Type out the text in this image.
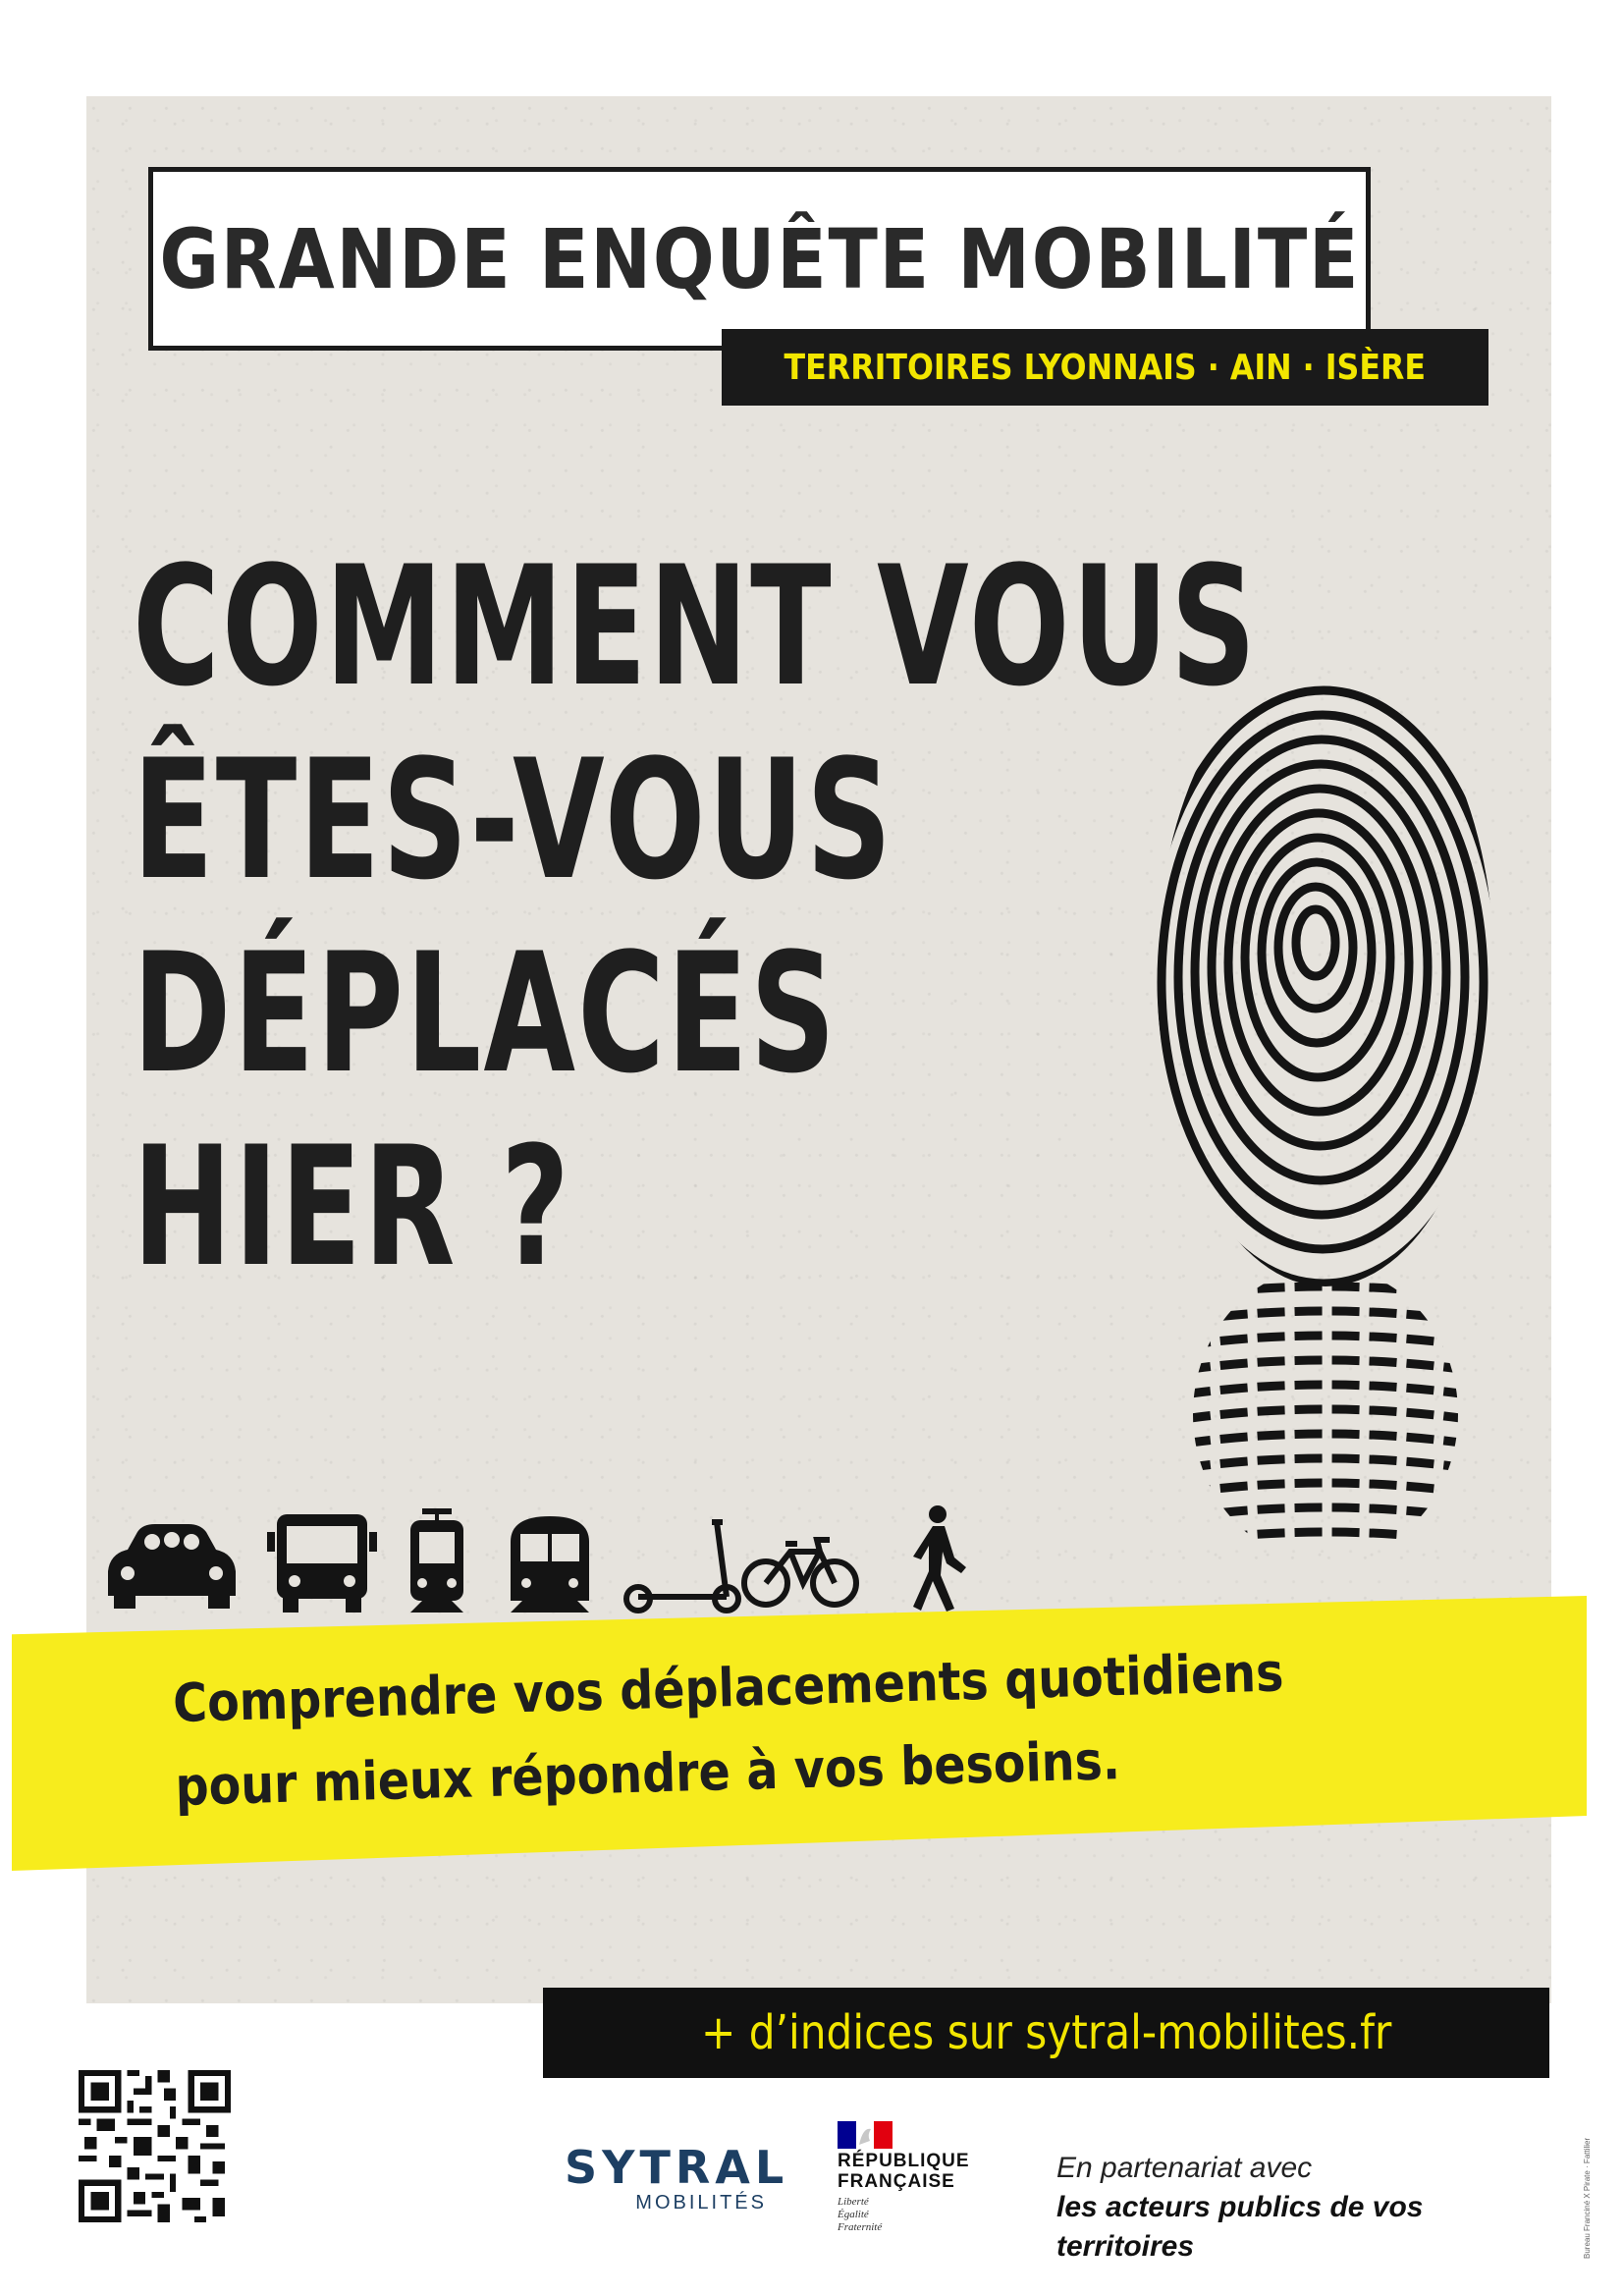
GRANDE ENQUÊTE MOBILITÉ
TERRITOIRES LYONNAIS · AIN · ISÈRE
COMMENT VOUS
ÊTES-VOUS
DÉPLACÉS
HIER ?
Comprendre vos déplacements quotidiens
pour mieux répondre à vos besoins.
+ d’indices sur sytral-mobilites.fr
SYTRAL
MOBILITÉS
RÉPUBLIQUE
FRANÇAISE
Liberté
Égalité
Fraternité
En partenariat avec
les acteurs publics de vos territoires	Bureau Franciné X Pirate · Fattilier
